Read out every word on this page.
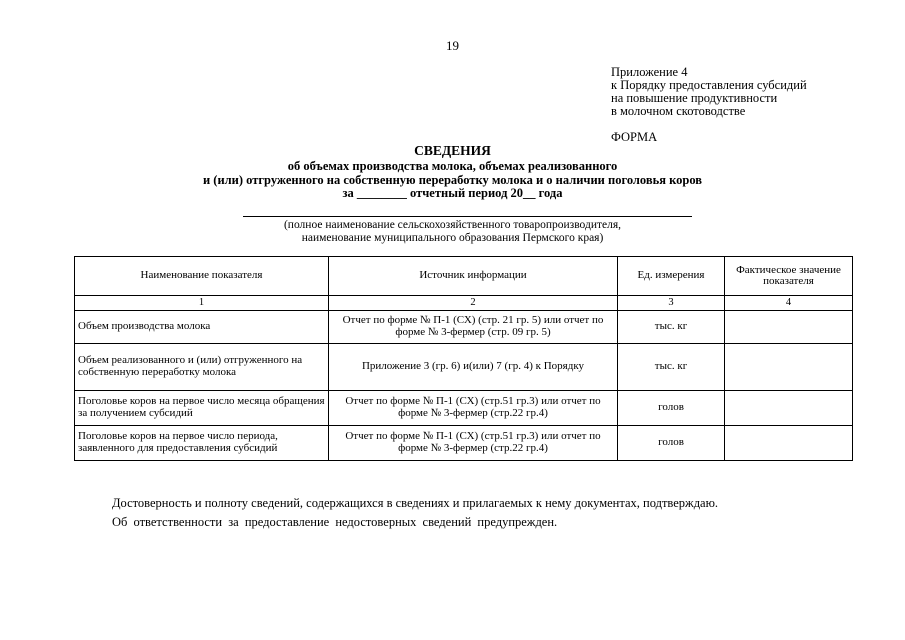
19
Приложение 4
к Порядку предоставления субсидий
на повышение продуктивности
в молочном скотоводстве
ФОРМА
СВЕДЕНИЯ
об объемах производства молока, объемах реализованного
и (или) отгруженного на собственную переработку молока и о наличии поголовья коров
за ________ отчетный период 20__ года
(полное наименование сельскохозяйственного товаропроизводителя,
наименование муниципального образования Пермского края)
Наименование показателя	Источник информации	Ед. измерения	Фактическое значение показателя
1	2	3	4
Объем производства молока	Отчет по форме № П-1 (СХ) (стр. 21 гр. 5) или отчет по форме № 3-фермер (стр. 09 гр. 5)	тыс. кг	
Объем реализованного и (или) отгруженного на собственную переработку молока	Приложение 3 (гр. 6) и(или) 7 (гр. 4) к Порядку	тыс. кг	
Поголовье коров на первое число месяца обращения за получением субсидий	Отчет по форме № П-1 (СХ) (стр.51 гр.3) или отчет по форме № 3-фермер (стр.22 гр.4)	голов	
Поголовье коров на первое число периода, заявленного для предоставления субсидий	Отчет по форме № П-1 (СХ) (стр.51 гр.3) или отчет по форме № 3-фермер (стр.22 гр.4)	голов	
Достоверность и полноту сведений, содержащихся в сведениях и прилагаемых к нему документах, подтверждаю.
Об ответственности за предоставление недостоверных сведений предупрежден.
